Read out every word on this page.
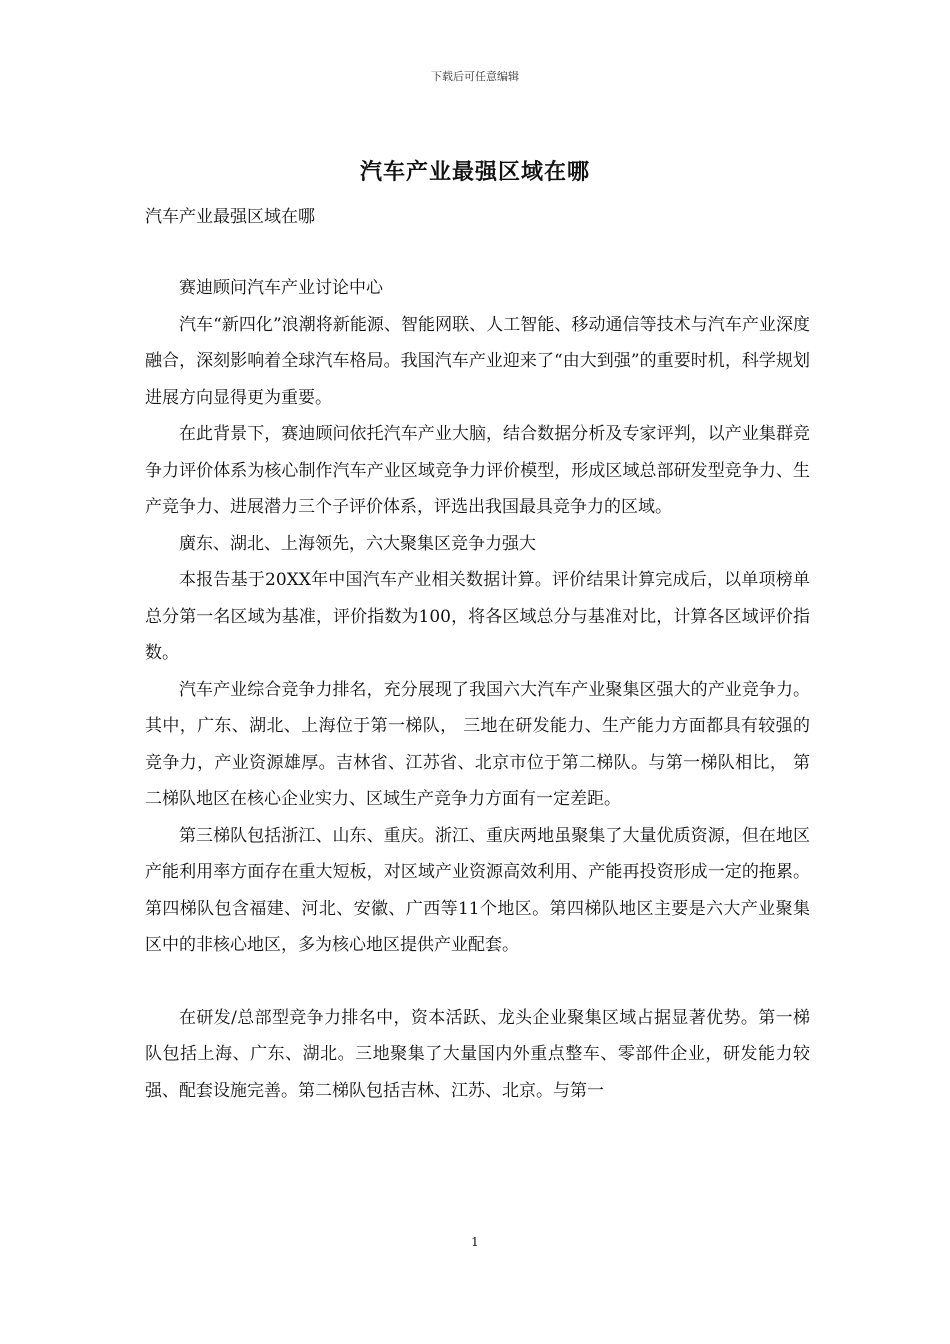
下载后可任意编辑
汽车产业最强区域在哪
汽车产业最强区域在哪

赛迪顾问汽车产业讨论中心

汽车“新四化”浪潮将新能源、智能网联、人工智能、移动通信等技术与汽车产业深度融合，深刻影响着全球汽车格局。我国汽车产业迎来了“由大到强”的重要时机，科学规划进展方向显得更为重要。

在此背景下，赛迪顾问依托汽车产业大脑，结合数据分析及专家评判，以产业集群竞争力评价体系为核心制作汽车产业区域竞争力评价模型，形成区域总部研发型竞争力、生产竞争力、进展潜力三个子评价体系，评选出我国最具竞争力的区域。

廣东、湖北、上海领先，六大聚集区竞争力强大

本报告基于20XX年中国汽车产业相关数据计算。评价结果计算完成后，以单项榜单总分第一名区域为基准，评价指数为100，将各区域总分与基准对比，计算各区域评价指数。

汽车产业综合竞争力排名，充分展现了我国六大汽车产业聚集区强大的产业竞争力。其中，广东、湖北、上海位于第一梯队， 三地在研发能力、生产能力方面都具有较强的竞争力，产业资源雄厚。吉林省、江苏省、北京市位于第二梯队。与第一梯队相比， 第二梯队地区在核心企业实力、区域生产竞争力方面有一定差距。

第三梯队包括浙江、山东、重庆。浙江、重庆两地虽聚集了大量优质资源，但在地区产能利用率方面存在重大短板，对区域产业资源高效利用、产能再投资形成一定的拖累。第四梯队包含福建、河北、安徽、广西等11个地区。第四梯队地区主要是六大产业聚集区中的非核心地区，多为核心地区提供产业配套。

在研发/总部型竞争力排名中，资本活跃、龙头企业聚集区域占据显著优势。第一梯队包括上海、广东、湖北。三地聚集了大量国内外重点整车、零部件企业，研发能力较强、配套设施完善。第二梯队包括吉林、江苏、北京。与第一

1
